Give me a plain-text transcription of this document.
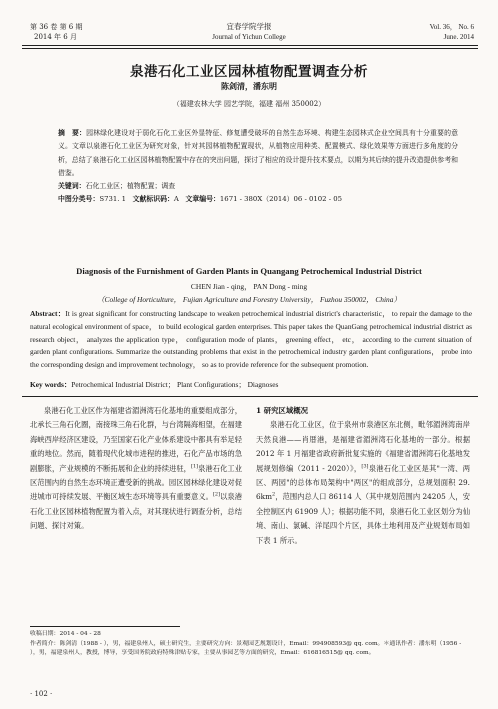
第 36 卷 第 6 期
2014 年 6 月
宜春学院学报
Journal of Yichun College
Vol. 36， No. 6
June. 2014
泉港石化工业区园林植物配置调查分析
陈剑清，潘东明
（福建农林大学 园艺学院，福建 福州 350002）
摘　要：园林绿化建设对于弱化石化工业区外显特征、修复遭受破坏的自然生态环境、构建生态园林式企业空间具有十分重要的意义。文章以泉港石化工业区为研究对象，针对其园林植物配置现状，从植物应用种类、配置模式、绿化效果等方面进行多角度的分析，总结了泉港石化工业区园林植物配置中存在的突出问题，探讨了相应的设计提升技术要点，以期为其后续的提升改造提供参考和借鉴。
关键词：石化工业区；植物配置；调查
中图分类号：S731. 1 文献标识码：A 文章编号：1671 - 380X（2014）06 - 0102 - 05
Diagnosis of the Furnishment of Garden Plants in Quangang Petrochemical Industrial District
CHEN Jian - qing， PAN Dong - ming
（College of Horticulture， Fujian Agriculture and Forestry University， Fuzhou 350002， China）
Abstract：It is great significant for constructing landscape to weaken petrochemical industrial district's characteristic， to repair the damage to the natural ecological environment of space， to build ecological garden enterprises. This paper takes the QuanGang petrochemical industrial district as research object， analyzes the application type， configuration mode of plants， greening effect， etc， according to the current situation of garden plant configurations. Summarize the outstanding problems that exist in the petrochemical industry garden plant configurations， probe into the corresponding design and improvement technology， so as to provide reference for the subsequent promotion.
Key words：Petrochemical Industrial District； Plant Configurations； Diagnoses

泉港石化工业区作为福建省湄洲湾石化基地的重要组成部分，北承长三角石化圈，南接珠三角石化群，与台湾隔海相望，在福建海峡西岸经济区建设，乃至国家石化产业体系建设中都具有举足轻重的地位。然而，随着现代化城市进程的推进，石化产品市场的急剧膨胀，产业规模的不断拓展和企业的持续进驻，[1]泉港石化工业区范围内的自然生态环境正遭受新的挑战。园区园林绿化建设对促进城市可持续发展、平衡区域生态环境等具有重要意义。[2]以泉港石化工业区园林植物配置为着入点，对其现状进行调查分析，总结问题、探讨对策。

1 研究区域概况

泉港石化工业区，位于泉州市泉港区东北侧，毗邻湄洲湾南岸天然良港——肖厝港，是福建省湄洲湾石化基地的一部分。根据 2012 年 1 月福建省政府新批复实施的《福建省湄洲湾石化基地发展规划修编（2011 - 2020）》，[3]泉港石化工业区是其"一湾、两区、两园"的总体布局架构中"两区"的组成部分，总规划面积 29. $6km^2$，范围内总人口 86114 人（其中规划范围内 24205 人，安全控制区内 61909 人）；根据功能不同，泉港石化工业区划分为仙境、南山、氯碱、洋尾四个片区，具体土地利用及产业规划布局如下表 1 所示。

收稿日期：2014 - 04 - 28
作者简介：陈剑清（1988 - ），男，福建泉州人，硕士研究生，主要研究方向：景观园艺规划设计，Email：994908593@ qq. com。＊通讯作者：潘东明（1956 - ），男，福建泉州人，教授，博导，享受国务院政府特殊津贴专家，主要从事园艺等方面的研究，Email：616816515@ qq. com。
· 102 ·
